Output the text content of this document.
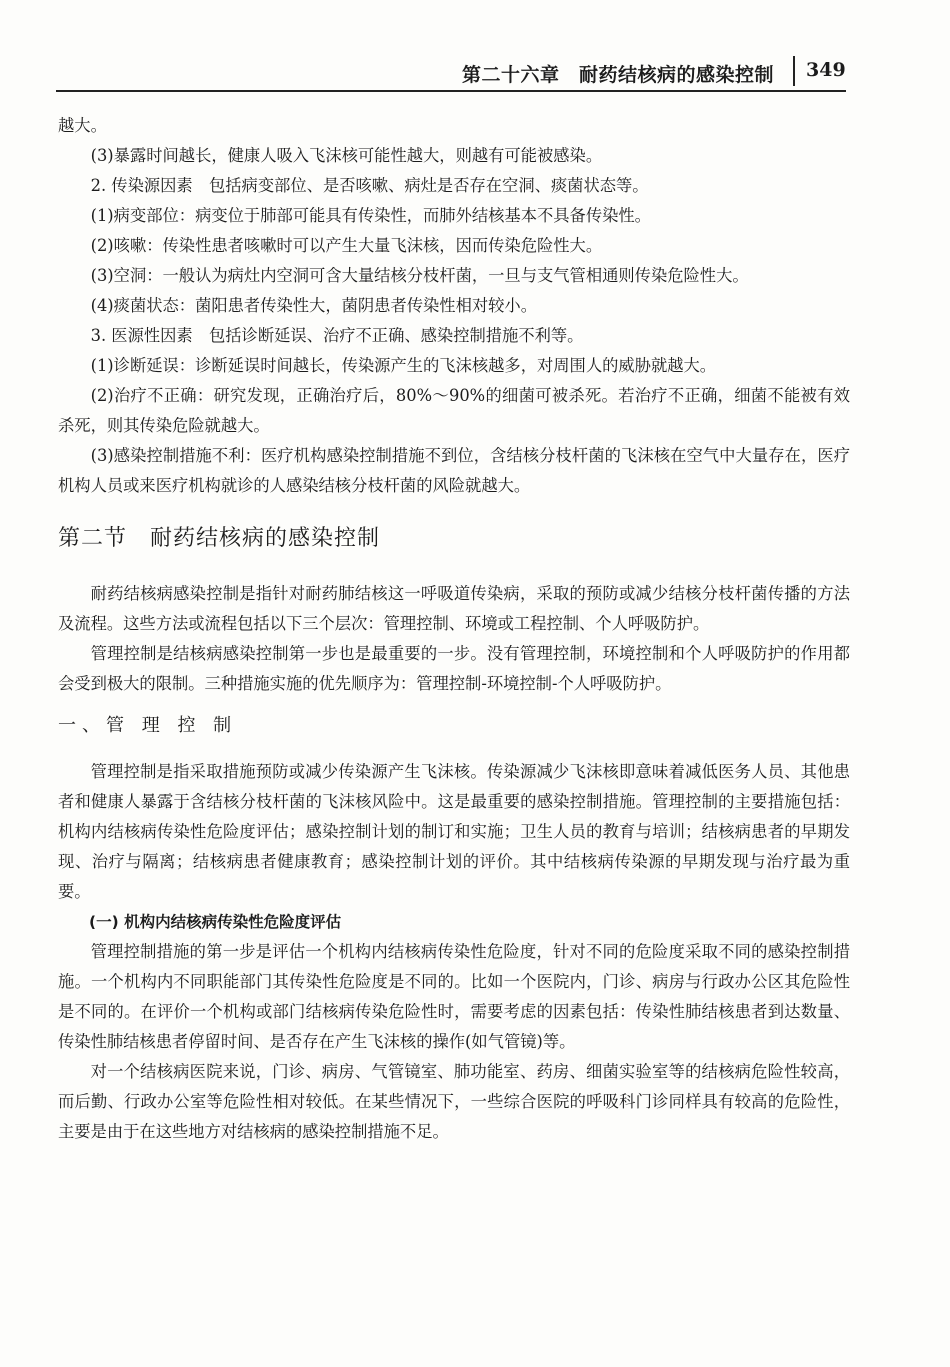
第二十六章　耐药结核病的感染控制 349

越大。

(3)暴露时间越长，健康人吸入飞沫核可能性越大，则越有可能被感染。

2. 传染源因素　包括病变部位、是否咳嗽、病灶是否存在空洞、痰菌状态等。

(1)病变部位：病变位于肺部可能具有传染性，而肺外结核基本不具备传染性。

(2)咳嗽：传染性患者咳嗽时可以产生大量飞沫核，因而传染危险性大。

(3)空洞：一般认为病灶内空洞可含大量结核分枝杆菌，一旦与支气管相通则传染危险性大。

(4)痰菌状态：菌阳患者传染性大，菌阴患者传染性相对较小。

3. 医源性因素　包括诊断延误、治疗不正确、感染控制措施不利等。

(1)诊断延误：诊断延误时间越长，传染源产生的飞沫核越多，对周围人的威胁就越大。

(2)治疗不正确：研究发现，正确治疗后，80%～90%的细菌可被杀死。若治疗不正确，细菌不能被有效杀死，则其传染危险就越大。

(3)感染控制措施不利：医疗机构感染控制措施不到位，含结核分枝杆菌的飞沫核在空气中大量存在，医疗机构人员或来医疗机构就诊的人感染结核分枝杆菌的风险就越大。

第二节　耐药结核病的感染控制

耐药结核病感染控制是指针对耐药肺结核这一呼吸道传染病，采取的预防或减少结核分枝杆菌传播的方法及流程。这些方法或流程包括以下三个层次：管理控制、环境或工程控制、个人呼吸防护。

管理控制是结核病感染控制第一步也是最重要的一步。没有管理控制，环境控制和个人呼吸防护的作用都会受到极大的限制。三种措施实施的优先顺序为：管理控制-环境控制-个人呼吸防护。

一、管 理 控 制

管理控制是指采取措施预防或减少传染源产生飞沫核。传染源减少飞沫核即意味着减低医务人员、其他患者和健康人暴露于含结核分枝杆菌的飞沫核风险中。这是最重要的感染控制措施。管理控制的主要措施包括：机构内结核病传染性危险度评估；感染控制计划的制订和实施；卫生人员的教育与培训；结核病患者的早期发现、治疗与隔离；结核病患者健康教育；感染控制计划的评价。其中结核病传染源的早期发现与治疗最为重要。

(一) 机构内结核病传染性危险度评估

管理控制措施的第一步是评估一个机构内结核病传染性危险度，针对不同的危险度采取不同的感染控制措施。一个机构内不同职能部门其传染性危险度是不同的。比如一个医院内，门诊、病房与行政办公区其危险性是不同的。在评价一个机构或部门结核病传染危险性时，需要考虑的因素包括：传染性肺结核患者到达数量、传染性肺结核患者停留时间、是否存在产生飞沫核的操作(如气管镜)等。

对一个结核病医院来说，门诊、病房、气管镜室、肺功能室、药房、细菌实验室等的结核病危险性较高，而后勤、行政办公室等危险性相对较低。在某些情况下，一些综合医院的呼吸科门诊同样具有较高的危险性，主要是由于在这些地方对结核病的感染控制措施不足。
